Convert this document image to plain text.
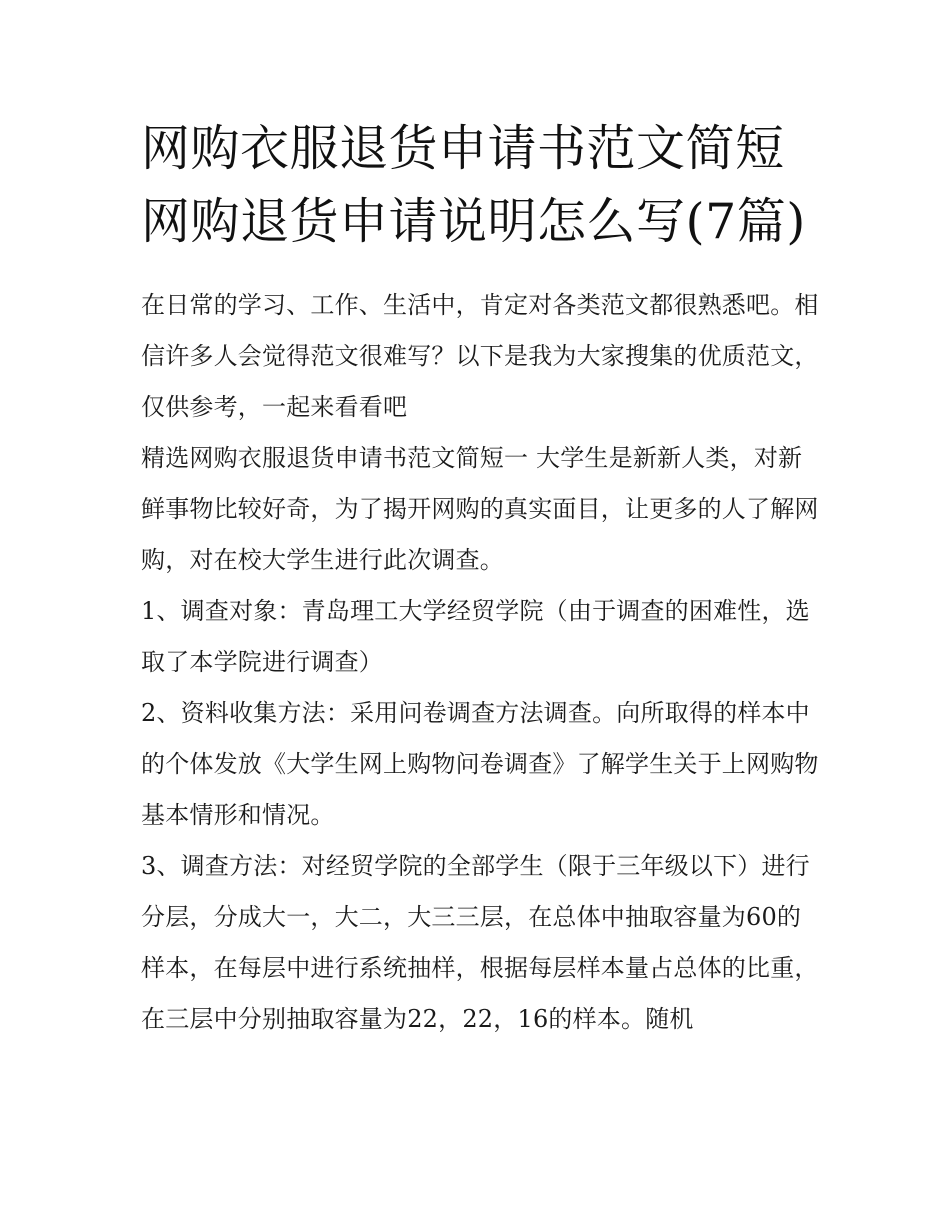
网购衣服退货申请书范文简短网购退货申请说明怎么写(7篇)

在日常的学习、工作、生活中，肯定对各类范文都很熟悉吧。相信许多人会觉得范文很难写？以下是我为大家搜集的优质范文，仅供参考，一起来看看吧

精选网购衣服退货申请书范文简短一 大学生是新新人类，对新鲜事物比较好奇，为了揭开网购的真实面目，让更多的人了解网购，对在校大学生进行此次调查。

1、调查对象：青岛理工大学经贸学院（由于调查的困难性，选取了本学院进行调查）

2、资料收集方法：采用问卷调查方法调查。向所取得的样本中的个体发放《大学生网上购物问卷调查》了解学生关于上网购物基本情形和情况。

3、调查方法：对经贸学院的全部学生（限于三年级以下）进行分层，分成大一，大二，大三三层，在总体中抽取容量为60的样本，在每层中进行系统抽样，根据每层样本量占总体的比重，在三层中分别抽取容量为22，22，16的样本。随机
